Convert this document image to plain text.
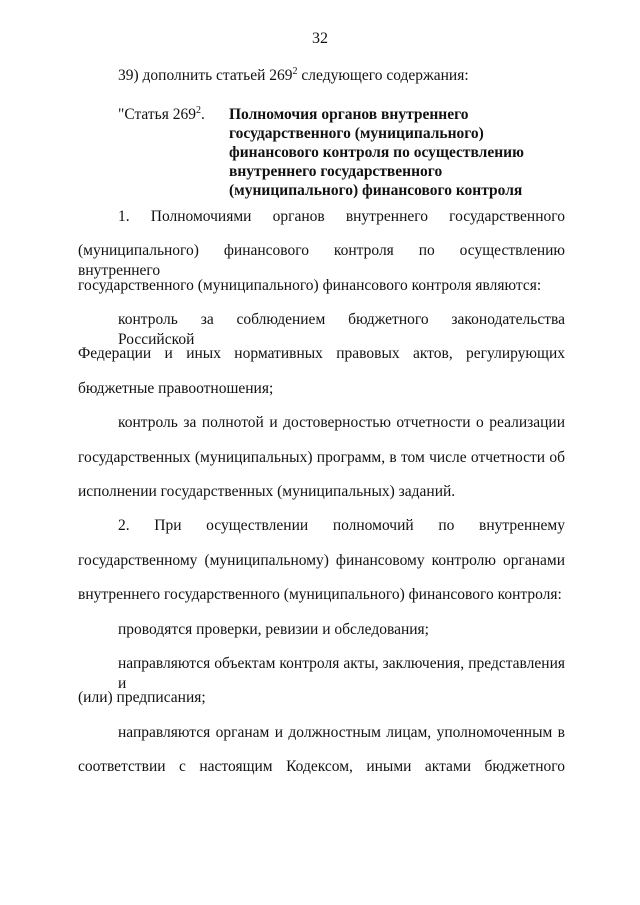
32
39) дополнить статьей $269^2$ следующего содержания:
"Статья $269^2$. Полномочия органов внутреннего
государственного (муниципального)
финансового контроля по осуществлению
внутреннего государственного
(муниципального) финансового контроля
1. Полномочиями органов внутреннего государственного
(муниципального) финансового контроля по осуществлению внутреннего
государственного (муниципального) финансового контроля являются:
контроль за соблюдением бюджетного законодательства Российской
Федерации и иных нормативных правовых актов, регулирующих
бюджетные правоотношения;
контроль за полнотой и достоверностью отчетности о реализации
государственных (муниципальных) программ, в том числе отчетности об
исполнении государственных (муниципальных) заданий.
2. При осуществлении полномочий по внутреннему
государственному (муниципальному) финансовому контролю органами
внутреннего государственного (муниципального) финансового контроля:
проводятся проверки, ревизии и обследования;
направляются объектам контроля акты, заключения, представления и
(или) предписания;
направляются органам и должностным лицам, уполномоченным в
соответствии с настоящим Кодексом, иными актами бюджетного
